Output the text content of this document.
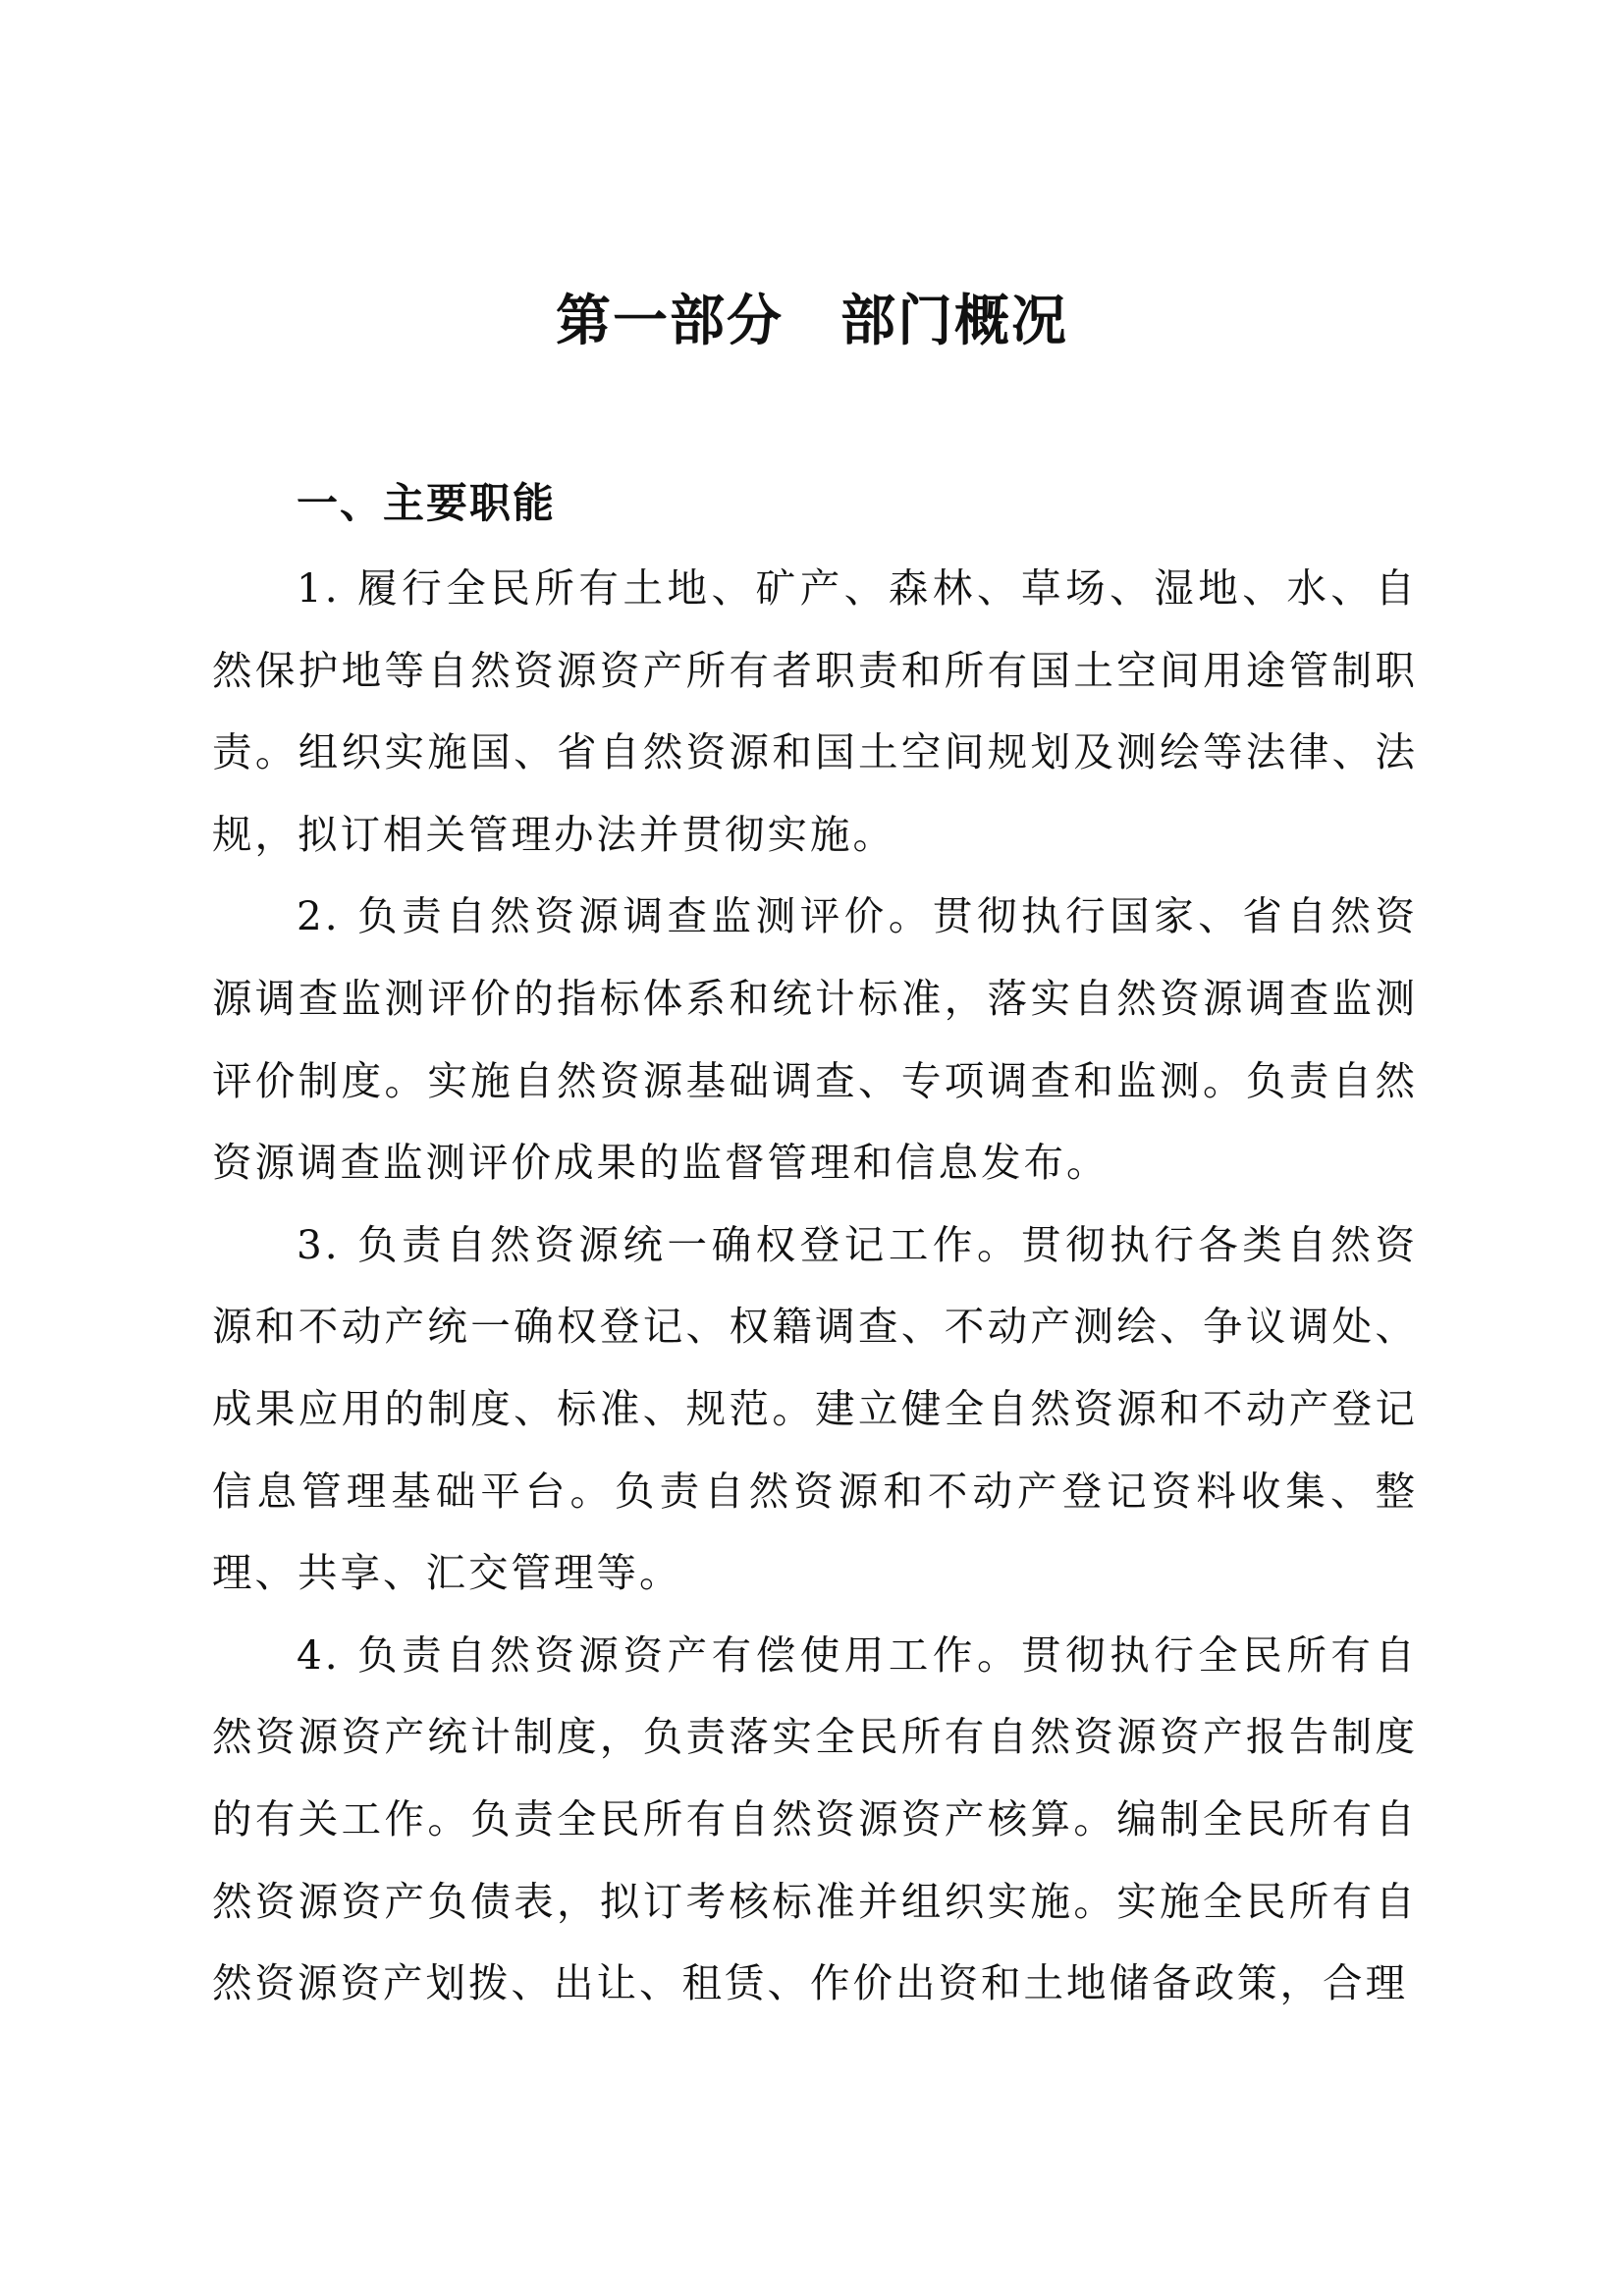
第一部分　部门概况
一、主要职能

1. 履行全民所有土地、矿产、森林、草场、湿地、水、自然保护地等自然资源资产所有者职责和所有国土空间用途管制职责。组织实施国、省自然资源和国土空间规划及测绘等法律、法规，拟订相关管理办法并贯彻实施。

2. 负责自然资源调查监测评价。贯彻执行国家、省自然资源调查监测评价的指标体系和统计标准，落实自然资源调查监测评价制度。实施自然资源基础调查、专项调查和监测。负责自然资源调查监测评价成果的监督管理和信息发布。

3. 负责自然资源统一确权登记工作。贯彻执行各类自然资源和不动产统一确权登记、权籍调查、不动产测绘、争议调处、成果应用的制度、标准、规范。建立健全自然资源和不动产登记信息管理基础平台。负责自然资源和不动产登记资料收集、整理、共享、汇交管理等。

4. 负责自然资源资产有偿使用工作。贯彻执行全民所有自然资源资产统计制度，负责落实全民所有自然资源资产报告制度的有关工作。负责全民所有自然资源资产核算。编制全民所有自然资源资产负债表，拟订考核标准并组织实施。实施全民所有自然资源资产划拨、出让、租赁、作价出资和土地储备政策，合理
